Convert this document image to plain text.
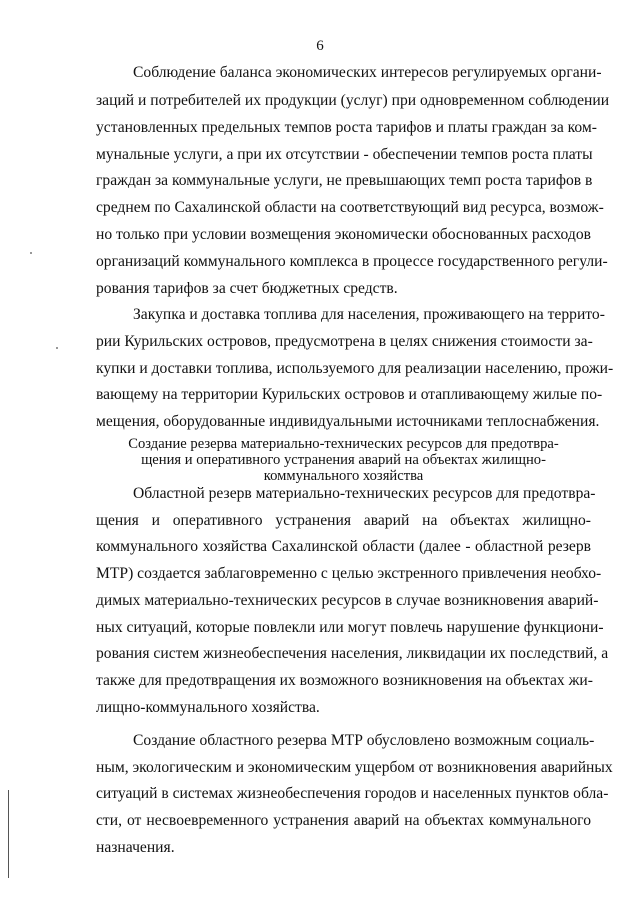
6
Соблюдение баланса экономических интересов регулируемых органи-
заций и потребителей их продукции (услуг) при одновременном соблюдении
установленных предельных темпов роста тарифов и платы граждан за ком-
мунальные услуги, а при их отсутствии - обеспечении темпов роста платы
граждан за коммунальные услуги, не превышающих темп роста тарифов в
среднем по Сахалинской области на соответствующий вид ресурса, возмож-
но только при условии возмещения экономически обоснованных расходов
организаций коммунального комплекса в процессе государственного регули-
рования тарифов за счет бюджетных средств.
Закупка и доставка топлива для населения, проживающего на террито-
рии Курильских островов, предусмотрена в целях снижения стоимости за-
купки и доставки топлива, используемого для реализации населению, прожи-
вающему на территории Курильских островов и отапливающему жилые по-
мещения, оборудованные индивидуальными источниками теплоснабжения.
Создание резерва материально-технических ресурсов для предотвра-
щения и оперативного устранения аварий на объектах жилищно-
коммунального хозяйства
Областной резерв материально-технических ресурсов для предотвра-
щения и оперативного устранения аварий на объектах жилищно-
коммунального хозяйства Сахалинской области (далее - областной резерв
МТР) создается заблаговременно с целью экстренного привлечения необхо-
димых материально-технических ресурсов в случае возникновения аварий-
ных ситуаций, которые повлекли или могут повлечь нарушение функциони-
рования систем жизнеобеспечения населения, ликвидации их последствий, а
также для предотвращения их возможного возникновения на объектах жи-
лищно-коммунального хозяйства.
Создание областного резерва МТР обусловлено возможным социаль-
ным, экологическим и экономическим ущербом от возникновения аварийных
ситуаций в системах жизнеобеспечения городов и населенных пунктов обла-
сти, от несвоевременного устранения аварий на объектах коммунального
назначения.
